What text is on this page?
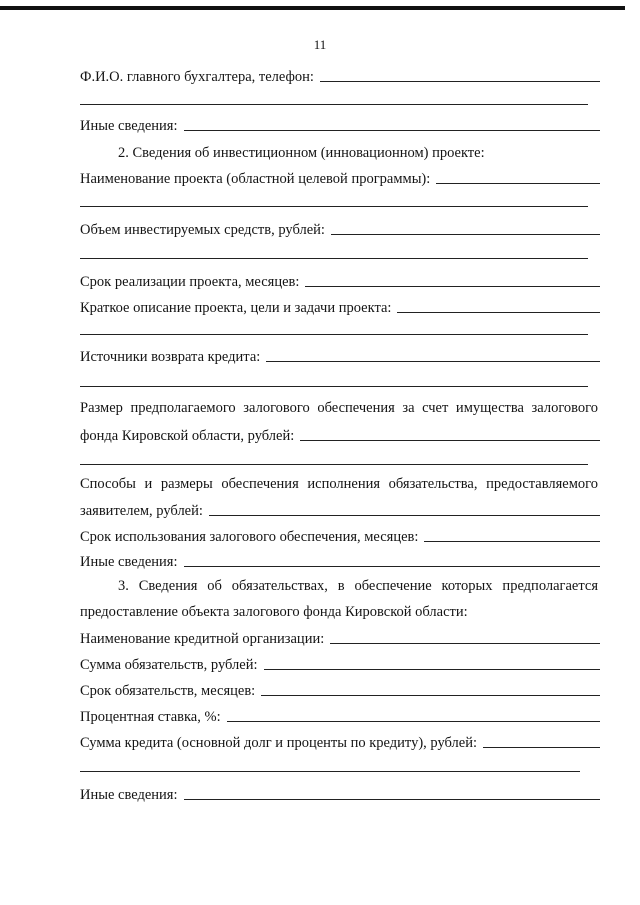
11
Ф.И.О. главного бухгалтера, телефон:
Иные сведения:
2. Сведения об инвестиционном (инновационном) проекте:
Наименование проекта (областной целевой программы):
Объем инвестируемых средств, рублей:
Срок реализации проекта, месяцев:
Краткое описание проекта, цели и задачи проекта:
Источники возврата кредита:
Размер предполагаемого залогового обеспечения за счет имущества залогового
фонда Кировской области, рублей:
Способы и размеры обеспечения исполнения обязательства, предоставляемого
заявителем, рублей:
Срок использования залогового обеспечения, месяцев:
Иные сведения:
3. Сведения об обязательствах, в обеспечение которых предполагается
предоставление объекта залогового фонда Кировской области:
Наименование кредитной организации:
Сумма обязательств, рублей:
Срок обязательств, месяцев:
Процентная ставка, %:
Сумма кредита (основной долг и проценты по кредиту), рублей:
Иные сведения:
